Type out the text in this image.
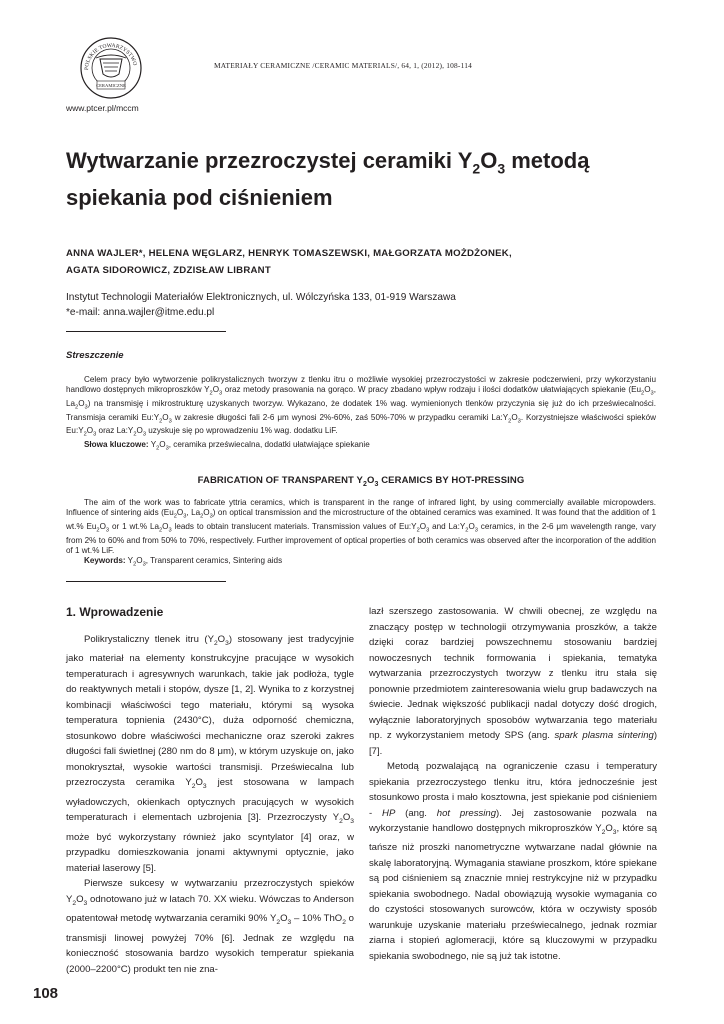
POLSKIE TOWARZYSTWO
CERAMICZNE
www.ptcer.pl/mccm
MATERIAŁY CERAMICZNE /CERAMIC MATERIALS/, 64, 1, (2012), 108-114
Wytwarzanie przezroczystej ceramiki $Y_2O_3$ metodą spiekania pod ciśnieniem
ANNA WAJLER*, HELENA WĘGLARZ, HENRYK TOMASZEWSKI, MAŁGORZATA MOŻDŻONEK,
AGATA SIDOROWICZ, ZDZISŁAW LIBRANT
Instytut Technologii Materiałów Elektronicznych, ul. Wólczyńska 133, 01-919 Warszawa
*e-mail: anna.wajler@itme.edu.pl
Streszczenie

Celem pracy było wytworzenie polikrystalicznych tworzyw z tlenku itru o możliwie wysokiej przezroczystości w zakresie podczerwieni, przy wykorzystaniu handlowo dostępnych mikroproszków $Y_2O_3$ oraz metody prasowania na gorąco. W pracy zbadano wpływ rodzaju i ilości dodatków ułatwiających spiekanie ($Eu_2O_3$, $La_2O_3$) na transmisję i mikrostrukturę uzyskanych tworzyw. Wykazano, że dodatek 1% wag. wymienionych tlenków przyczynia się już do ich przeświecalności. Transmisja ceramiki $Eu:Y_2O_3$ w zakresie długości fali 2-6 μm wynosi 2%-60%, zaś 50%-70% w przypadku ceramiki $La:Y_2O_3$. Korzystniejsze właściwości spieków $Eu:Y_2O_3$ oraz $La:Y_2O_3$ uzyskuje się po wprowadzeniu 1% wag. dodatku LiF.

Słowa kluczowe: $Y_2O_3$, ceramika przeświecalna, dodatki ułatwiające spiekanie

FABRICATION OF TRANSPARENT $Y_2O_3$ CERAMICS BY HOT-PRESSING

The aim of the work was to fabricate yttria ceramics, which is transparent in the range of infrared light, by using commercially available micropowders. Influence of sintering aids ($Eu_2O_3$, $La_2O_3$) on optical transmission and the microstructure of the obtained ceramics was examined. It was found that the addition of 1 wt.% $Eu_2O_3$ or 1 wt.% $La_2O_3$ leads to obtain translucent materials. Transmission values of $Eu:Y_2O_3$ and $La:Y_2O_3$ ceramics, in the 2-6 μm wavelength range, vary from 2% to 60% and from 50% to 70%, respectively. Further improvement of optical properties of both ceramics was observed after the incorporation of the addition of 1 wt.% LiF.

Keywords: $Y_2O_3$, Transparent ceramics, Sintering aids

1. Wprowadzenie

Polikrystaliczny tlenek itru $(Y_2O_3)$ stosowany jest tradycyjnie jako materiał na elementy konstrukcyjne pracujące w wysokich temperaturach i agresywnych warunkach, takie jak podłoża, tygle do reaktywnych metali i stopów, dysze [1, 2]. Wynika to z korzystnej kombinacji właściwości tego materiału, którymi są wysoka temperatura topnienia (2430°C), duża odporność chemiczna, stosunkowo dobre właściwości mechaniczne oraz szeroki zakres długości fali świetlnej (280 nm do 8 μm), w którym uzyskuje on, jako monokryształ, wysokie wartości transmisji. Przeświecalna lub przezroczysta ceramika $Y_2O_3$ jest stosowana w lampach wyładowczych, okienkach optycznych pracujących w wysokich temperaturach i elementach uzbrojenia [3]. Przezroczysty $Y_2O_3$ może być wykorzystany również jako scyntylator [4] oraz, w przypadku domieszkowania jonami aktywnymi optycznie, jako materiał laserowy [5].

Pierwsze sukcesy w wytwarzaniu przezroczystych spieków $Y_2O_3$ odnotowano już w latach 70. XX wieku. Wówczas to Anderson opatentował metodę wytwarzania ceramiki 90% $Y_2O_3 - 10\%$ ThO$_2$ o transmisji linowej powyżej 70% [6]. Jednak ze względu na konieczność stosowania bardzo wysokich temperatur spiekania (2000–2200°C) produkt ten nie zna-

lazł szerszego zastosowania. W chwili obecnej, ze względu na znaczący postęp w technologii otrzymywania proszków, a także dzięki coraz bardziej powszechnemu stosowaniu bardziej nowoczesnych technik formowania i spiekania, tematyka wytwarzania przezroczystych tworzyw z tlenku itru stała się ponownie przedmiotem zainteresowania wielu grup badawczych na świecie. Jednak większość publikacji nadal dotyczy dość drogich, wyłącznie laboratoryjnych sposobów wytwarzania tego materiału np. z wykorzystaniem metody SPS (ang. spark plasma sintering) [7].

Metodą pozwalającą na ograniczenie czasu i temperatury spiekania przezroczystego tlenku itru, która jednocześnie jest stosunkowo prosta i mało kosztowna, jest spiekanie pod ciśnieniem - HP (ang. hot pressing). Jej zastosowanie pozwala na wykorzystanie handlowo dostępnych mikroproszków $Y_2O_3$, które są tańsze niż proszki nanometryczne wytwarzane nadal głównie na skalę laboratoryjną. Wymagania stawiane proszkom, które spiekane są pod ciśnieniem są znacznie mniej restrykcyjne niż w przypadku spiekania swobodnego. Nadal obowiązują wysokie wymagania co do czystości stosowanych surowców, która w oczywisty sposób warunkuje uzyskanie materiału przeświecalnego, jednak rozmiar ziarna i stopień aglomeracji, które są kluczowymi w przypadku spiekania swobodnego, nie są już tak istotne.

108
